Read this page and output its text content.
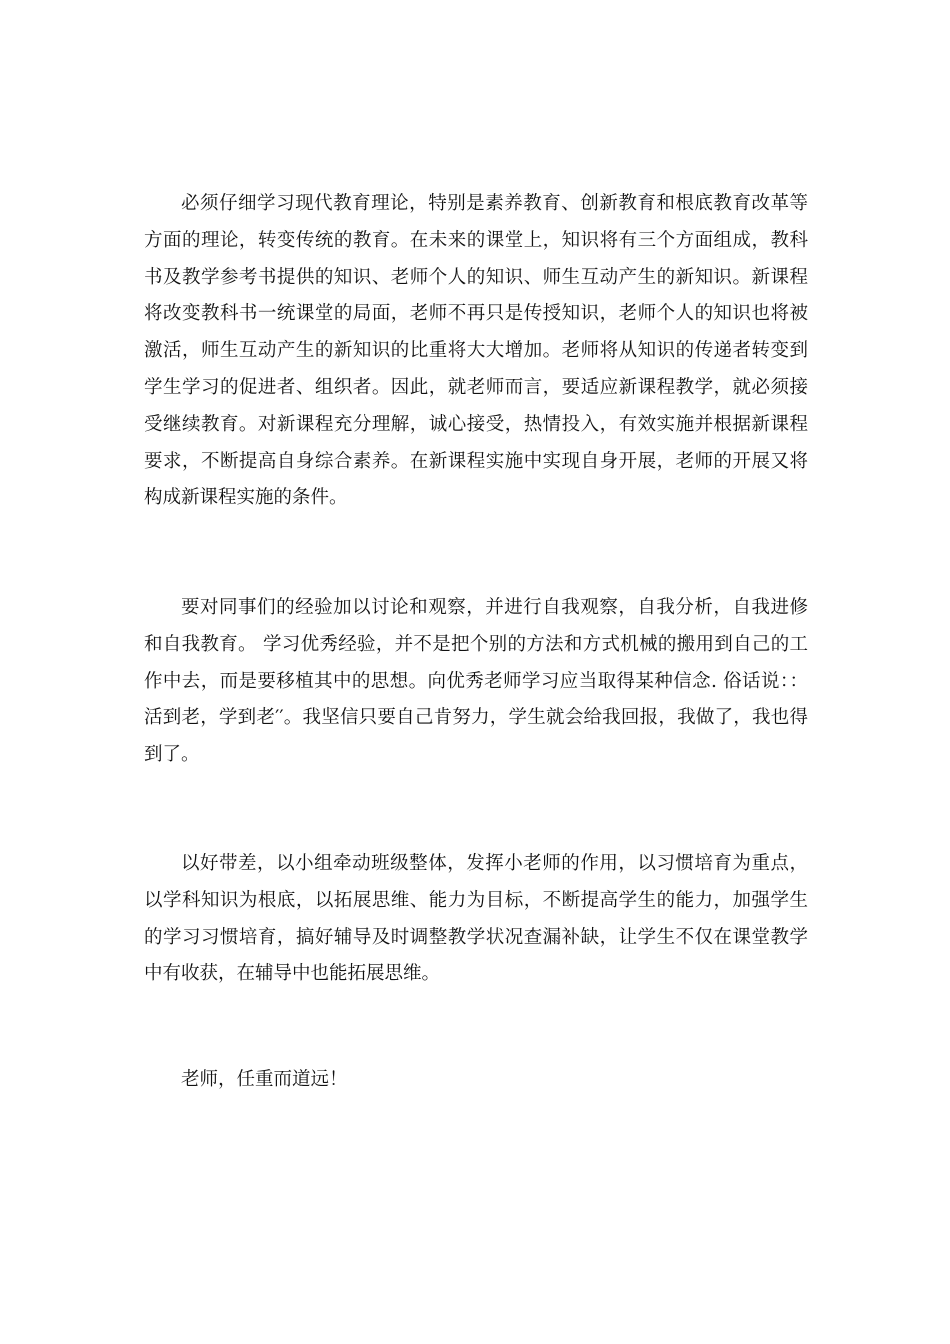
必须仔细学习现代教育理论，特别是素养教育、创新教育和根底教育改革等方面的理论，转变传统的教育。在未来的课堂上，知识将有三个方面组成，教科书及教学参考书提供的知识、老师个人的知识、师生互动产生的新知识。新课程将改变教科书一统课堂的局面，老师不再只是传授知识，老师个人的知识也将被激活，师生互动产生的新知识的比重将大大增加。老师将从知识的传递者转变到学生学习的促进者、组织者。因此，就老师而言，要适应新课程教学，就必须接受继续教育。对新课程充分理解，诚心接受，热情投入，有效实施并根据新课程要求，不断提高自身综合素养。在新课程实施中实现自身开展，老师的开展又将构成新课程实施的条件。

要对同事们的经验加以讨论和观察，并进行自我观察，自我分析，自我进修和自我教育。 学习优秀经验，并不是把个别的方法和方式机械的搬用到自己的工作中去，而是要移植其中的思想。向优秀老师学习应当取得某种信念. 俗话说：： 活到老，学到老′′。我坚信只要自己肯努力，学生就会给我回报，我做了，我也得到了。

以好带差，以小组牵动班级整体，发挥小老师的作用，以习惯培育为重点，以学科知识为根底，以拓展思维、能力为目标，不断提高学生的能力，加强学生的学习习惯培育，搞好辅导及时调整教学状况查漏补缺，让学生不仅在课堂教学中有收获，在辅导中也能拓展思维。

老师，任重而道远！
